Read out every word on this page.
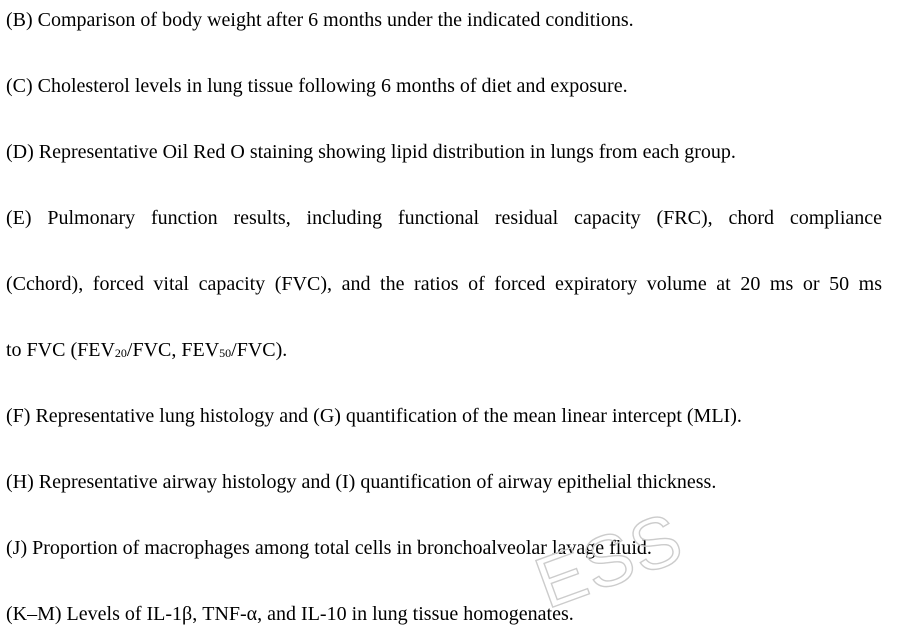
(B) Comparison of body weight after 6 months under the indicated conditions.

(C) Cholesterol levels in lung tissue following 6 months of diet and exposure.

(D) Representative Oil Red O staining showing lipid distribution in lungs from each group.

(E) Pulmonary function results, including functional residual capacity (FRC), chord compliance

(Cchord), forced vital capacity (FVC), and the ratios of forced expiratory volume at 20 ms or 50 ms

to FVC ($FEV_{20}$/FVC, $FEV_{50}/FVC$).

(F) Representative lung histology and (G) quantification of the mean linear intercept (MLI).

(H) Representative airway histology and (I) quantification of airway epithelial thickness.

(J) Proportion of macrophages among total cells in bronchoalveolar lavage fluid.

(K–M) Levels of IL-1β, TNF-α, and IL-10 in lung tissue homogenates.

ESS
